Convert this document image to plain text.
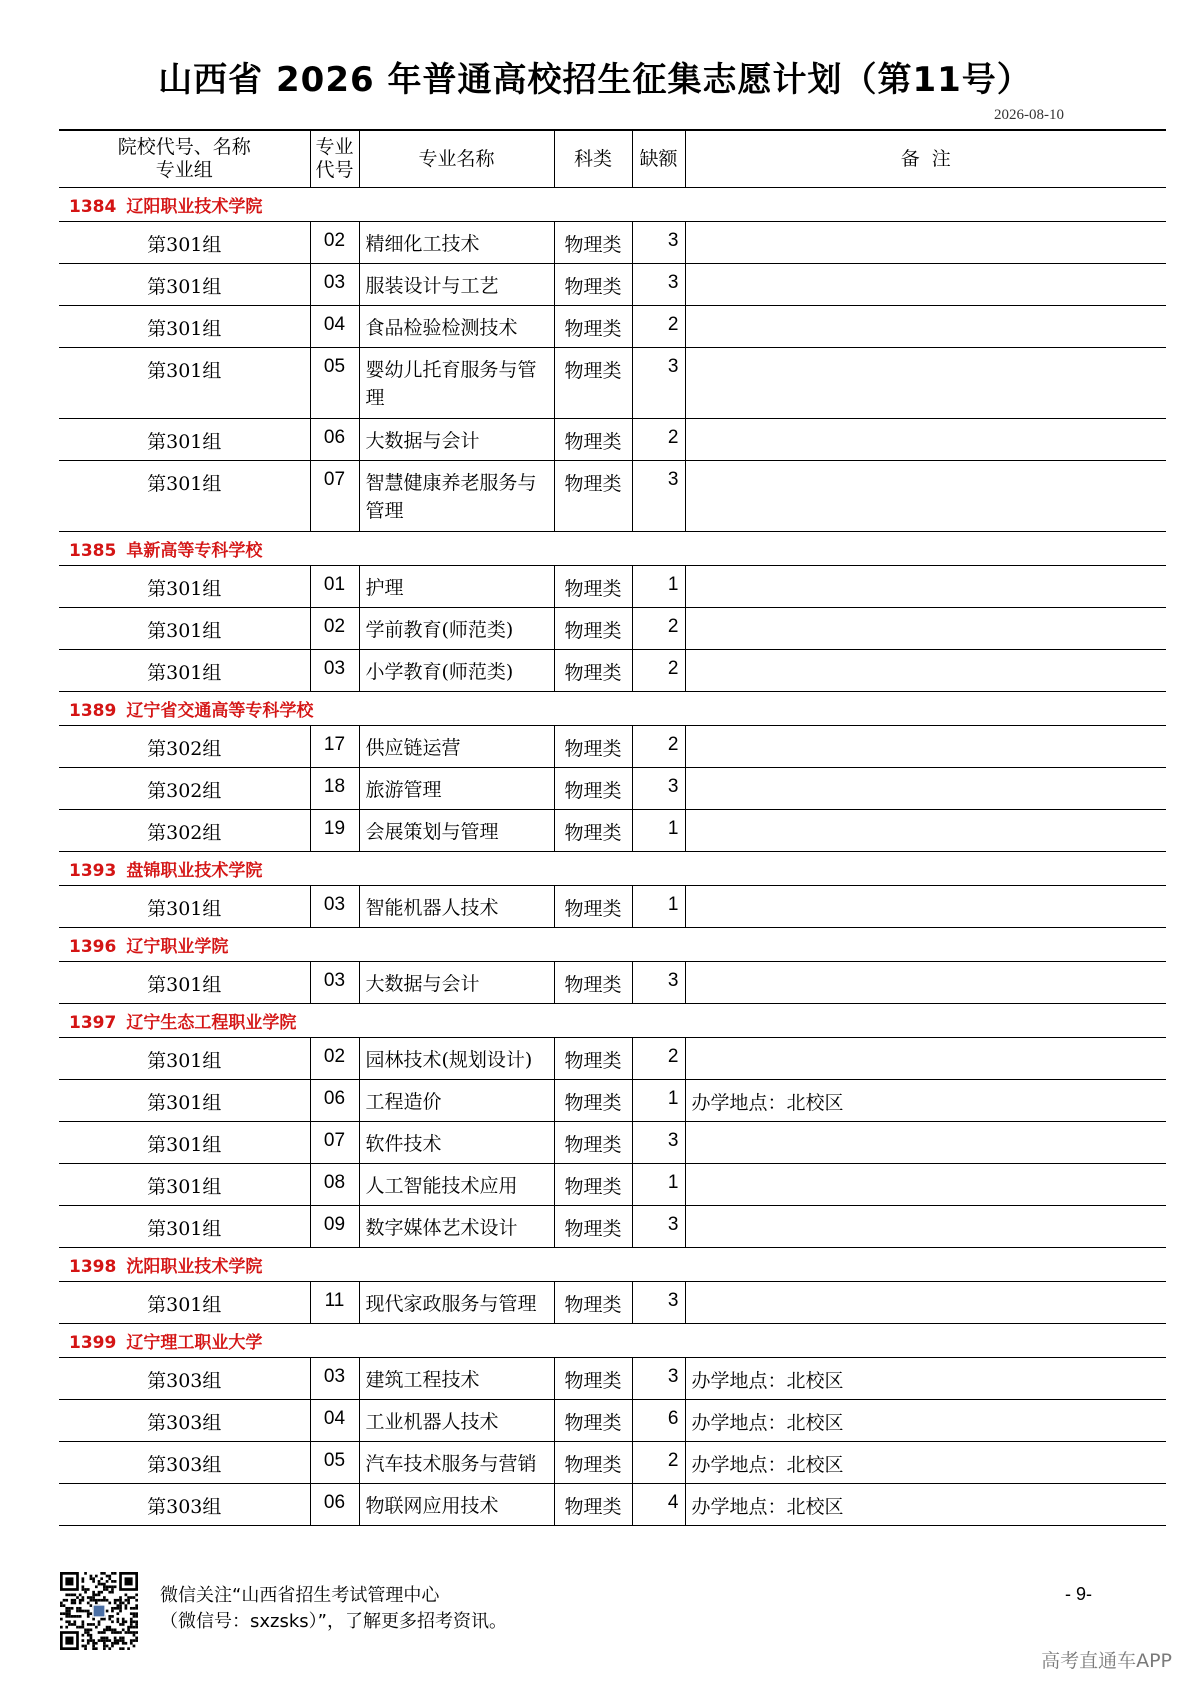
山西省 2026 年普通高校招生征集志愿计划（第11号）
2026-08-10
院校代号、名称
专业组	专业
代号	专业名称	科类	缺额	备  注
1384 辽阳职业技术学院					
第301组	02	精细化工技术	物理类	3	
第301组	03	服装设计与工艺	物理类	3	
第301组	04	食品检验检测技术	物理类	2	
第301组	05	婴幼儿托育服务与管理	物理类	3	
第301组	06	大数据与会计	物理类	2	
第301组	07	智慧健康养老服务与管理	物理类	3	
1385 阜新高等专科学校					
第301组	01	护理	物理类	1	
第301组	02	学前教育(师范类)	物理类	2	
第301组	03	小学教育(师范类)	物理类	2	
1389 辽宁省交通高等专科学校					
第302组	17	供应链运营	物理类	2	
第302组	18	旅游管理	物理类	3	
第302组	19	会展策划与管理	物理类	1	
1393 盘锦职业技术学院					
第301组	03	智能机器人技术	物理类	1	
1396 辽宁职业学院					
第301组	03	大数据与会计	物理类	3	
1397 辽宁生态工程职业学院					
第301组	02	园林技术(规划设计)	物理类	2	
第301组	06	工程造价	物理类	1	办学地点：北校区
第301组	07	软件技术	物理类	3	
第301组	08	人工智能技术应用	物理类	1	
第301组	09	数字媒体艺术设计	物理类	3	
1398 沈阳职业技术学院					
第301组	11	现代家政服务与管理	物理类	3	
1399 辽宁理工职业大学					
第303组	03	建筑工程技术	物理类	3	办学地点：北校区
第303组	04	工业机器人技术	物理类	6	办学地点：北校区
第303组	05	汽车技术服务与营销	物理类	2	办学地点：北校区
第303组	06	物联网应用技术	物理类	4	办学地点：北校区
微信关注“山西省招生考试管理中心
（微信号：sxzsks）”，了解更多招考资讯。
- 9-
高考直通车APP
